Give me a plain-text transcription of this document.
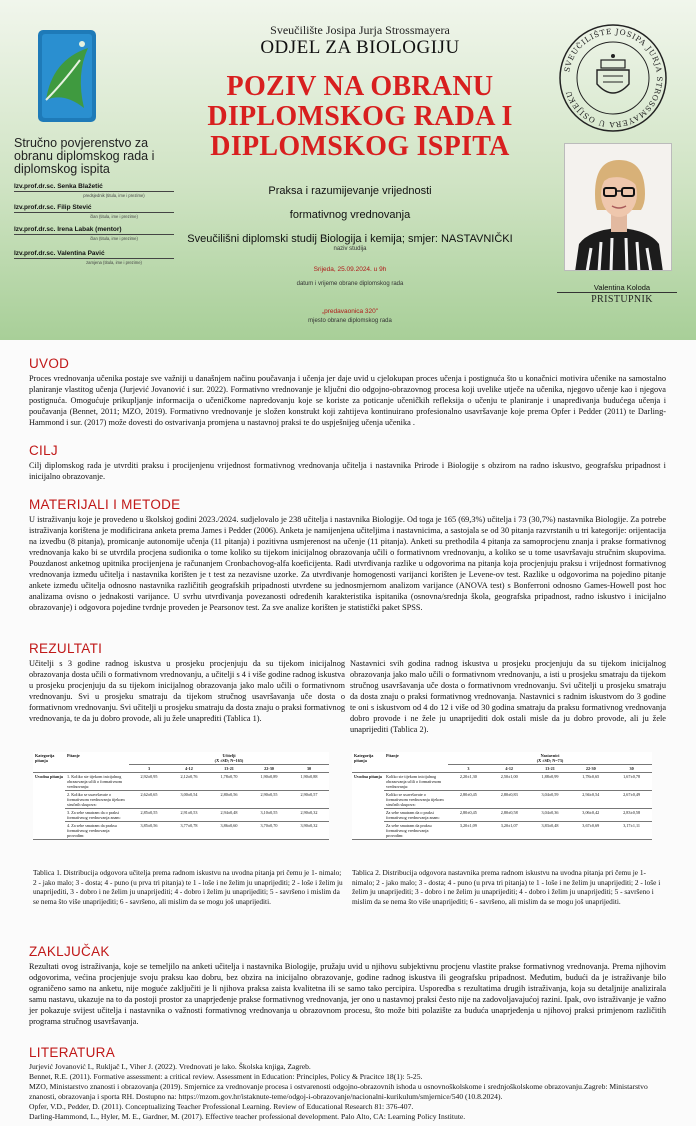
SVEUČILIŠTE JOSIPA JURJA STROSSMAYERA U OSIJEKU
Stručno povjerenstvo za obranu diplomskog rada i diplomskog ispita
Izv.prof.dr.sc. Senka Blažetić
predsjednik (titula, ime i prezime)
Izv.prof.dr.sc. Filip Stević
član (titula, ime i prezime)
Izv.prof.dr.sc. Irena Labak (mentor)
član (titula, ime i prezime)
Izv.prof.dr.sc. Valentina Pavić
zamjena (titula, ime i prezime)
Sveučilište Josipa Jurja Strossmayera
ODJEL ZA BIOLOGIJU
POZIV NA OBRANU DIPLOMSKOG RADA I DIPLOMSKOG ISPITA
Praksa i razumijevanje vrijednosti
formativnog vrednovanja
Sveučilišni diplomski studij Biologija i kemija; smjer: NASTAVNIČKI
naziv studija
Srijeda, 25.09.2024. u 9h
datum i vrijeme obrane diplomskog rada
„predavaonica 320"
mjesto obrane diplomskog rada
Valentina Koloda
PRISTUPNIK
UVOD
Proces vrednovanja učenika postaje sve važniji u današnjem načinu poučavanja i učenja jer daje uvid u cjelokupan proces učenja i postignuća što u konačnici motivira učenike na samostalno planiranje vlastitog učenja (Jurjević Jovanović i sur. 2022). Formativno vrednovanje je ključni dio odgojno-obrazovnog procesa koji uvelike utječe na učenika, njegovo učenje kao i njegova postignuća. Omogućuje prikupljanje informacija o učeničkome napredovanju koje se koriste za poticanje učeničkih refleksija o učenju te planiranje i unapređivanja budućega učenja i poučavanja (Bennet, 2011; MZO, 2019). Formativno vrednovanje je složen konstrukt koji zahtijeva kontinuirano profesionalno usavršavanje koje prema Opfer i Pedder (2011) te Darling-Hammond i sur. (2017) može dovesti do ostvarivanja promjena u nastavnoj praksi te do uspješnijeg učenja učenika .
CILJ
Cilj diplomskog rada je utvrditi praksu i procijenjenu vrijednost formativnog vrednovanja učitelja i nastavnika Prirode i Biologije s obzirom na radno iskustvo, geografsku pripadnost i inicijalno obrazovanje.
MATERIJALI I METODE
U istraživanju koje je provedeno u školskoj godini 2023./2024. sudjelovalo je 238 učitelja i nastavnika Biologije. Od toga je 165 (69,3%) učitelja i 73 (30,7%) nastavnika Biologije. Za potrebe istraživanja korištena je modificirana anketa prema James i Pedder (2006). Anketa je namijenjena učiteljima i nastavnicima, a sastojala se od 30 pitanja razvrstanih u tri kategorije: orijentacija na izvedbu (8 pitanja), promicanje autonomije učenja (11 pitanja) i pozitivna usmjerenost na učenje (11 pitanja). Anketi su prethodila 4 pitanja za samoprocjenu znanja i prakse formativnog vrednovanja kako bi se utvrdila procjena sudionika o tome koliko su tijekom inicijalnog obrazovanja učili o formativnom vrednovanju, a koliko se u tome usavršavaju stručnim skupovima. Pouzdanost anketnog upitnika procijenjena je računanjem Cronbachovog-alfa koeficijenta. Radi utvrđivanja razlike u odgovorima na pitanja koja procjenjuju praksu i vrijednost formativnog vrednovanja između učitelja i nastavnika korišten je t test za nezavisne uzorke. Za utvrđivanje homogenosti varijanci korišten je Levene-ov test. Razlike u odgovorima na pojedino pitanje ankete između učitelja odnosno nastavnika različitih geografskih pripadnosti utvrđene su jednosmjernom analizom varijance (ANOVA test) s Bonferroni odnosno Games-Howell post hoc analizama ovisno o jednakosti varijance. U svrhu utvrđivanja povezanosti određenih karakteristika ispitanika (osnovna/srednja škola, geografska pripadnost, radno iskustvo i inicijalno obrazovanje) i odgovora pojedine tvrdnje proveden je Pearsonov test. Za sve analize korišten je statistički paket SPSS.
REZULTATI
Učitelji s 3 godine radnog iskustva u prosjeku procjenjuju da su tijekom inicijalnog obrazovanja dosta učili o formativnom vrednovanju, a učitelji s 4 i više godine radnog iskustva u prosjeku procjenjuju da su tijekom inicijalnog obrazovanja jako malo učili o formativnom vrednovanju. Svi u prosjeku smatraju da tijekom stručnog usavršavanja uče dosta o formativnom vrednovanju. Svi učitelji u prosjeku smatraju da dosta znaju o praksi formativnog vrednovanja, te da ju dobro provode, ali ju žele unapređiti (Tablica 1).
Nastavnici svih godina radnog iskustva u prosjeku procjenjuju da su tijekom inicijalnog obrazovanja jako malo učili o formativnom vrednovanju, a isti u prosjeku smatraju da tijekom stručnog usavršavanja uče dosta o formativnom vrednovanju. Svi učitelji u prosjeku smatraju da dosta znaju o praksi formativnog vrednovanja. Nastavnici s radnim iskustvom do 3 godine te oni s iskustvom od 4 do 12 i više od 30 godina smatraju da praksu formativnog vrednovanja dobro provode i ne žele ju unaprijediti dok ostali misle da ju dobro provode, ali ju žele unaprijediti (Tablica 2).
Kategorija pitanja	Pitanje	Učitelji
(X̄ ±SD; N=165)				
		3	4-12	13-21	22-30	30
Uvodna pitanja	1. Koliko ste tijekom inicijalnog obrazovanja učili o formativnom vrednovanju:	2,92±0,95	2,12±0,76	1,78±0,70	1,90±0,89	1,90±0,88
	2. Koliko se usavršavate o formativnom vrednovanju tijekom stručnih skupova:	2,62±0,65	3,00±0,54	2,80±0,56	2,90±0,55	2,90±0,57
	3. Za sebe smatram da o praksi formativnog vrednovanja znam:	2,85±0,55	2,91±0,53	2,94±0,48	3,10±0,55	2,90±0,32
	4. Za sebe smatram da praksu formativnog vrednovanja provodim:	3,85±0,56	3,77±0,78	3,86±0,60	3,70±0,70	3,90±0,32
Kategorija pitanja	Pitanje	Nastavnici
(X̄ ±SD; N=73)				
		3	4-12	13-21	22-30	30
Uvodna pitanja	Koliko ste tijekom inicijalnog obrazovanja učili o formativnom vrednovanju:	2,20±1,30	2,50±1,00	1,88±0,99	1,78±0,65	1,67±0,78
	Koliko se usavršavate o formativnom vrednovanju tijekom stručnih skupova:	2,80±0,45	2,80±0,83	3,04±0,59	2,94±0,54	2,67±0,49
	Za sebe smatram da o praksi formativnog vrednovanja znam:	2,80±0,45	2,80±0,58	3,04±0,36	3,06±0,42	2,83±0,58
	Za sebe smatram da praksu formativnog vrednovanja provodim:	3,20±1,09	3,20±1,07	3,83±0,48	3,67±0,69	3,17±1,11
Tablica 1. Distribucija odgovora učitelja prema radnom iskustvu na uvodna pitanja pri čemu je 1- nimalo; 2 - jako malo; 3 - dosta; 4 - puno (u prva tri pitanja) te 1 - loše i ne želim ju unaprijediti; 2 - loše i želim ju unaprijediti, 3 - dobro i ne želim ju unaprijediti; 4 - dobro i želim ju unaprijediti; 5 - savršeno i mislim da se nema što više unaprijediti; 6 - savršeno, ali mislim da se mogu još unaprijediti.
Tablica 2. Distribucija odgovora nastavnika prema radnom iskustvu na uvodna pitanja pri čemu je 1- nimalo; 2 - jako malo; 3 - dosta; 4 - puno (u prva tri pitanja) te 1 - loše i ne želim ju unaprijediti; 2 - loše i želim ju unaprijediti; 3 - dobro i ne želim ju unaprijediti; 4 - dobro i želim ju unaprijediti; 5 - savršeno i mislim da se nema što više unaprijediti; 6 - savršeno, ali mislim da se mogu još unaprijediti.
ZAKLJUČAK
Rezultati ovog istraživanja, koje se temeljilo na anketi učitelja i nastavnika Biologije, pružaju uvid u njihovu subjektivnu procjenu vlastite prakse formativnog vrednovanja. Prema njihovim odgovorima, većina procjenjuje svoju praksu kao dobru, bez obzira na inicijalno obrazovanje, godine radnog iskustva ili geografsku pripadnost. Međutim, budući da je istraživanje bilo ograničeno samo na anketu, nije moguće zaključiti je li njihova praksa zaista kvalitetna ili se samo tako percipira. Usporedba s rezultatima drugih istraživanja, koja su detaljnije analizirala samu nastavu, ukazuje na to da postoji prostor za unaprjeđenje prakse formativnog vrednovanja, jer ono u nastavnoj praksi često nije na zadovoljavajućoj razini. Ipak, ovo istraživanje je važno jer pokazuje svijest učitelja i nastavnika o važnosti formativnog vrednovanja u obrazovnom procesu, što može biti polazište za buduća unaprjeđenja u njihovoj praksi primjenom različitih programa stručnog usavršavanja.
LITERATURA
Jurjević Jovanović I., Rukljač I., Viher J. (2022). Vrednovati je lako. Školska knjiga, Zagreb.
Bennet, R.E. (2011). Formative assessment: a critical review. Assessment in Education: Principles, Policy & Pracitce 18(1): 5-25.
MZO, Ministarstvo znanosti i obrazovanja (2019). Smjernice za vrednovanje procesa i ostvarenosti odgojno-obrazovnih ishoda u osnovnoškolskome i srednjoškolskome obrazovanju.Zagreb: Ministarstvo znanosti, obrazovanja i sporta RH. Dostupno na: https://mzom.gov.hr/istaknute-teme/odgoj-i-obrazovanje/nacionalni-kurikulum/smjernice/540 (10.8.2024).
Opfer, V.D., Pedder, D. (2011). Conceptualizing Teacher Professional Learning. Review of Educational Research 81: 376-407.
Darling-Hammond, L., Hyler, M. E., Gardner, M. (2017). Effective teacher professional development. Palo Alto, CA: Learning Policy Institute.
